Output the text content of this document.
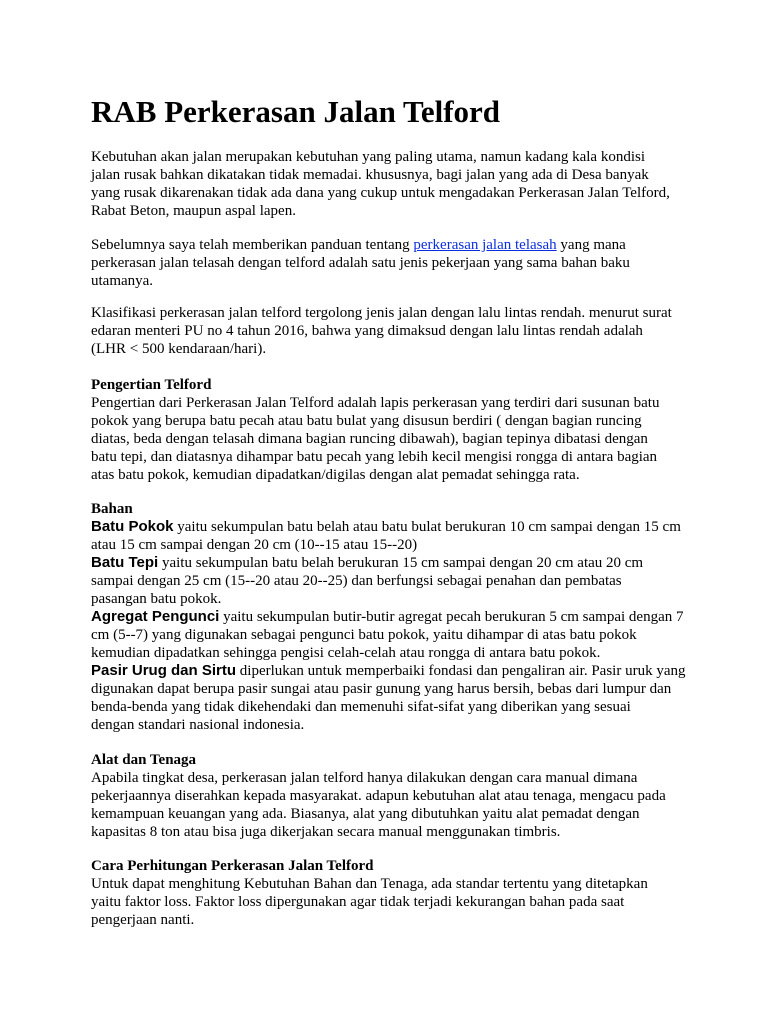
RAB Perkerasan Jalan Telford
Kebutuhan akan jalan merupakan kebutuhan yang paling utama, namun kadang kala kondisi
jalan rusak bahkan dikatakan tidak memadai. khususnya, bagi jalan yang ada di Desa banyak
yang rusak dikarenakan tidak ada dana yang cukup untuk mengadakan Perkerasan Jalan Telford,
Rabat Beton, maupun aspal lapen.
Sebelumnya saya telah memberikan panduan tentang perkerasan jalan telasah yang mana
perkerasan jalan telasah dengan telford adalah satu jenis pekerjaan yang sama bahan baku
utamanya.
Klasifikasi perkerasan jalan telford tergolong jenis jalan dengan lalu lintas rendah. menurut surat
edaran menteri PU no 4 tahun 2016, bahwa yang dimaksud dengan lalu lintas rendah adalah
(LHR < 500 kendaraan/hari).
Pengertian Telford
Pengertian dari Perkerasan Jalan Telford adalah lapis perkerasan yang terdiri dari susunan batu
pokok yang berupa batu pecah atau batu bulat yang disusun berdiri ( dengan bagian runcing
diatas, beda dengan telasah dimana bagian runcing dibawah), bagian tepinya dibatasi dengan
batu tepi, dan diatasnya dihampar batu pecah yang lebih kecil mengisi rongga di antara bagian
atas batu pokok, kemudian dipadatkan/digilas dengan alat pemadat sehingga rata.
Bahan
Batu Pokok yaitu sekumpulan batu belah atau batu bulat berukuran 10 cm sampai dengan 15 cm
atau 15 cm sampai dengan 20 cm (10--15 atau 15--20)
Batu Tepi yaitu sekumpulan batu belah berukuran 15 cm sampai dengan 20 cm atau 20 cm
sampai dengan 25 cm (15--20 atau 20--25) dan berfungsi sebagai penahan dan pembatas
pasangan batu pokok.
Agregat Pengunci yaitu sekumpulan butir-butir agregat pecah berukuran 5 cm sampai dengan 7
cm (5--7) yang digunakan sebagai pengunci batu pokok, yaitu dihampar di atas batu pokok
kemudian dipadatkan sehingga pengisi celah-celah atau rongga di antara batu pokok.
Pasir Urug dan Sirtu diperlukan untuk memperbaiki fondasi dan pengaliran air. Pasir uruk yang
digunakan dapat berupa pasir sungai atau pasir gunung yang harus bersih, bebas dari lumpur dan
benda-benda yang tidak dikehendaki dan memenuhi sifat-sifat yang diberikan yang sesuai
dengan standari nasional indonesia.
Alat dan Tenaga
Apabila tingkat desa, perkerasan jalan telford hanya dilakukan dengan cara manual dimana
pekerjaannya diserahkan kepada masyarakat. adapun kebutuhan alat atau tenaga, mengacu pada
kemampuan keuangan yang ada. Biasanya, alat yang dibutuhkan yaitu alat pemadat dengan
kapasitas 8 ton atau bisa juga dikerjakan secara manual menggunakan timbris.
Cara Perhitungan Perkerasan Jalan Telford
Untuk dapat menghitung Kebutuhan Bahan dan Tenaga, ada standar tertentu yang ditetapkan
yaitu faktor loss. Faktor loss dipergunakan agar tidak terjadi kekurangan bahan pada saat
pengerjaan nanti.
